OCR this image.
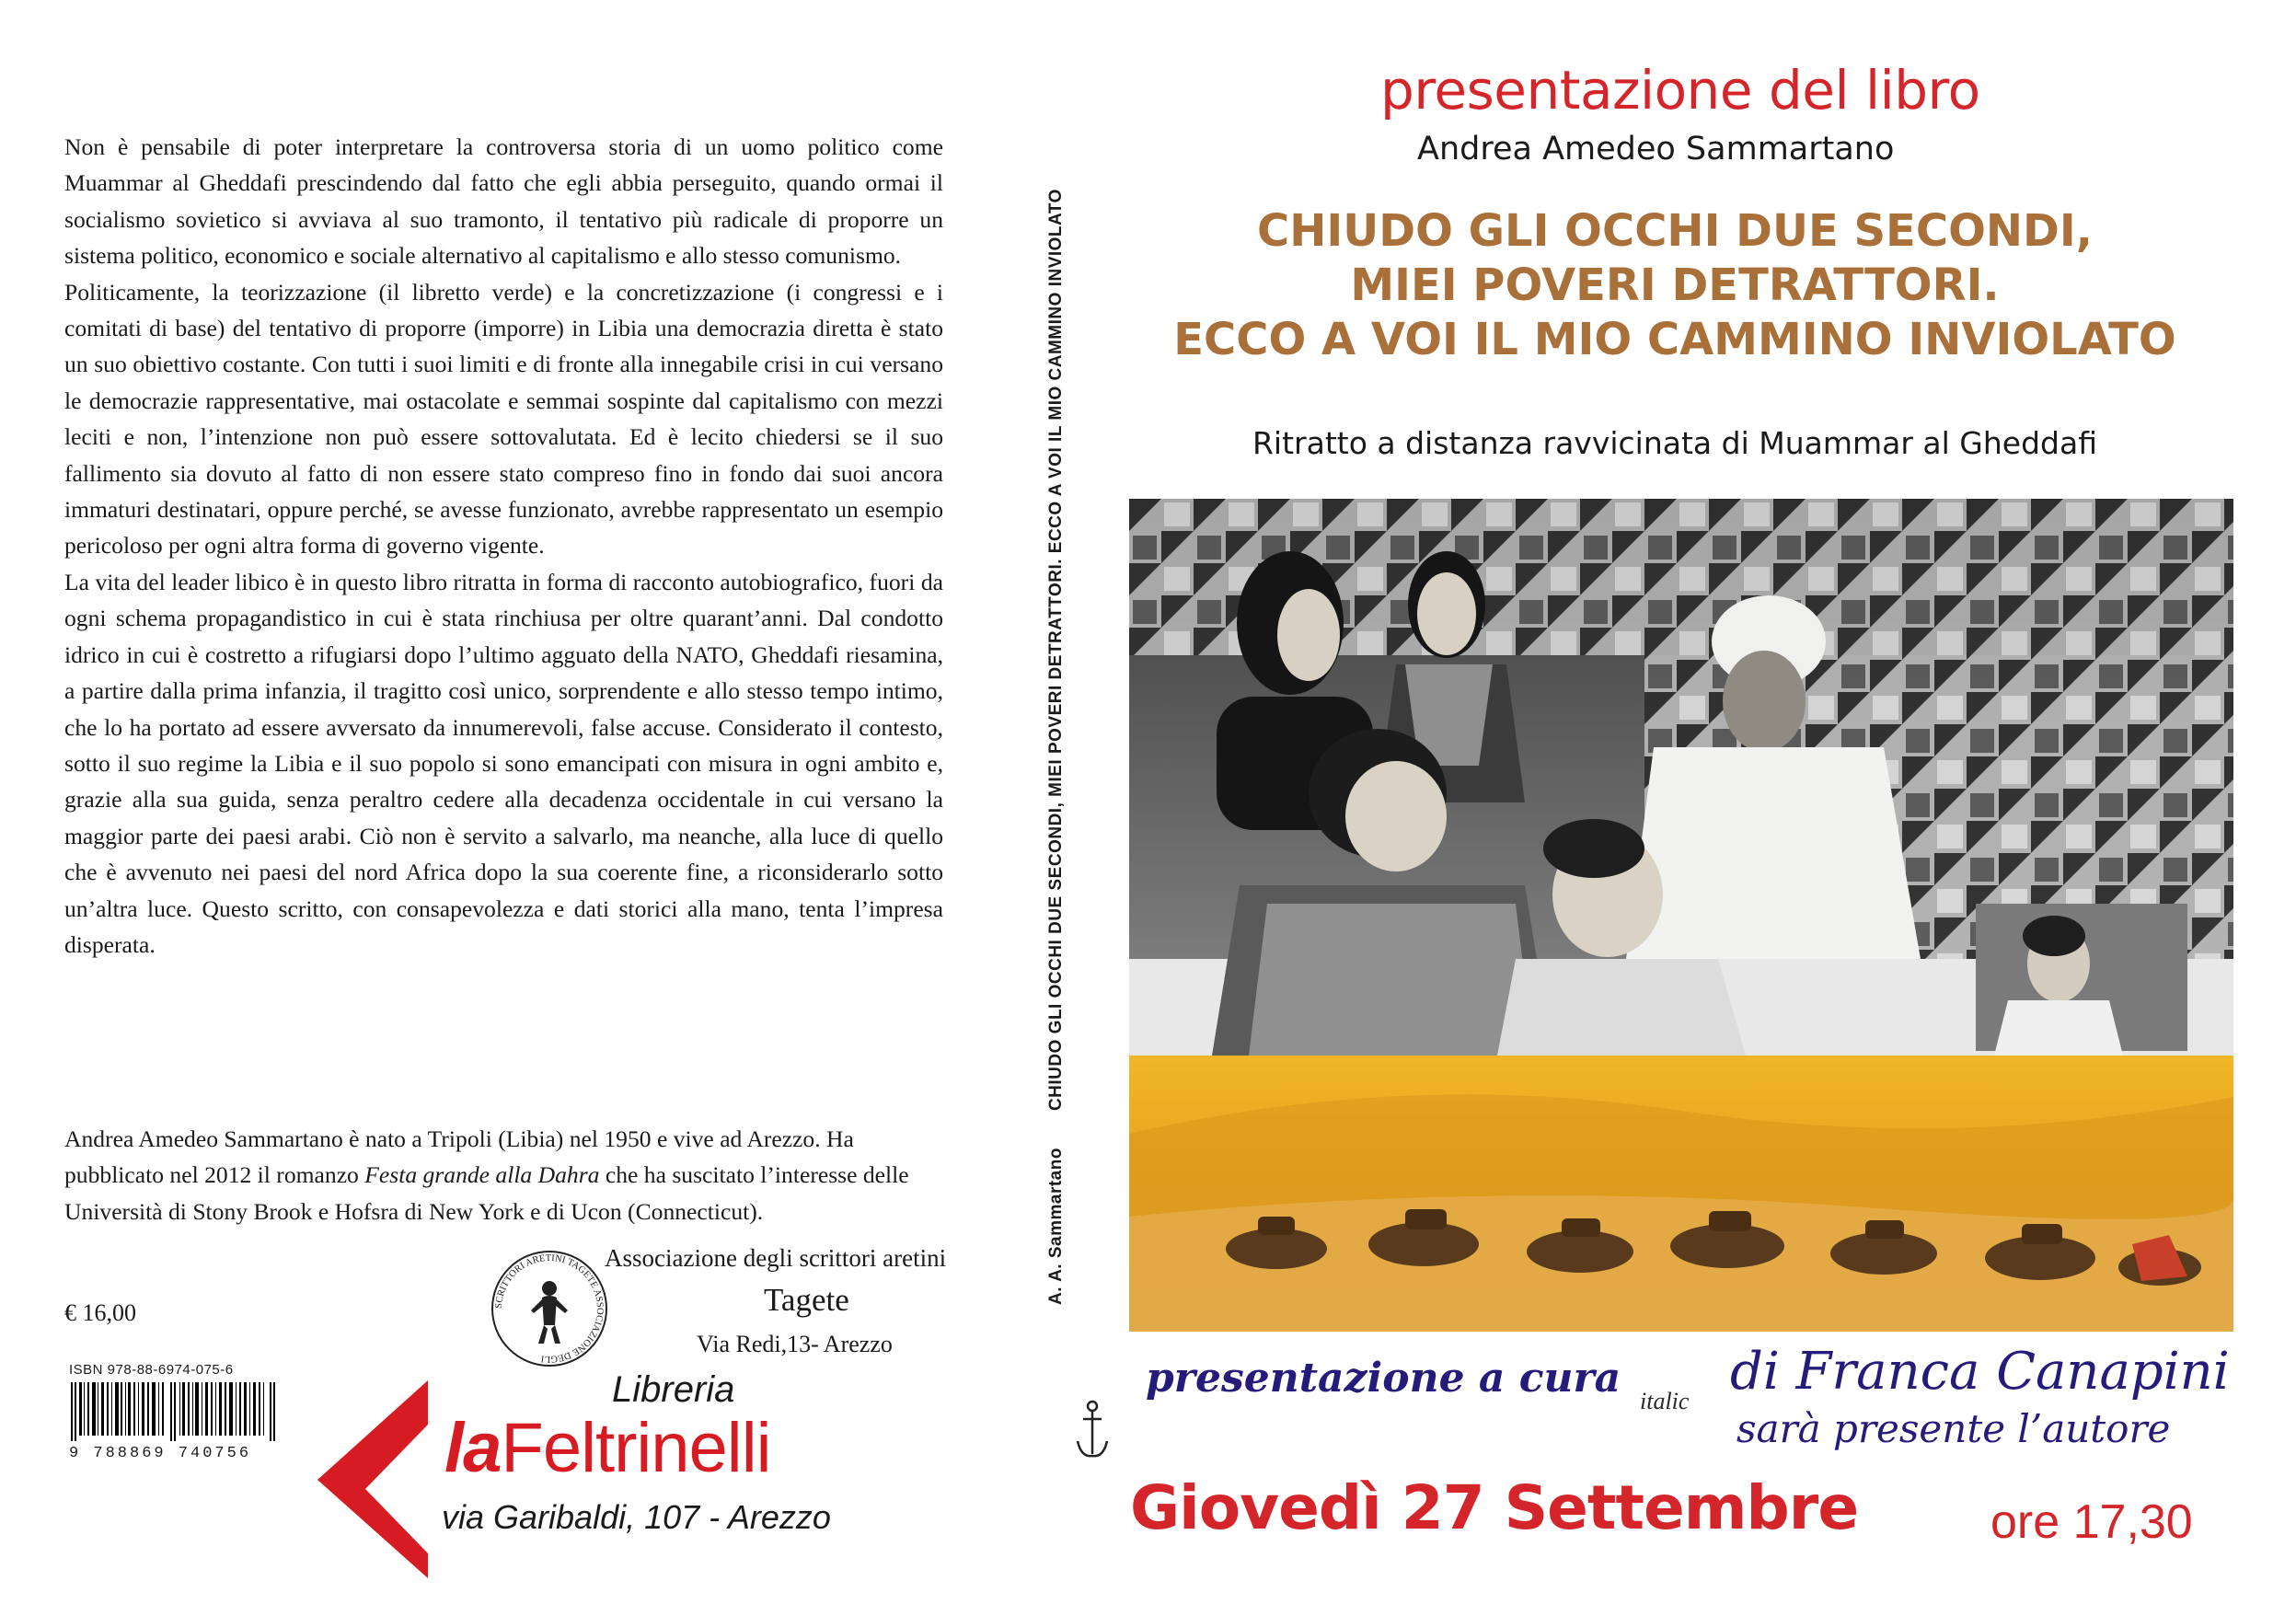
Non è pensabile di poter interpretare la controversa storia di un uomo politico come Muammar al Gheddafi prescindendo dal fatto che egli abbia perseguito, quando ormai il socialismo sovietico si avviava al suo tramonto, il tentativo più radicale di proporre un sistema politico, economico e sociale alternativo al capitalismo e allo stesso comunismo.

Politicamente, la teorizzazione (il libretto verde) e la concretizzazione (i congressi e i comitati di base) del tentativo di proporre (imporre) in Libia una democrazia diretta è stato un suo obiettivo costante. Con tutti i suoi limiti e di fronte alla innegabile crisi in cui versano le democrazie rappresentative, mai ostacolate e semmai sospinte dal capitalismo con mezzi leciti e non, l’intenzione non può essere sottovalutata. Ed è lecito chiedersi se il suo fallimento sia dovuto al fatto di non essere stato compreso fino in fondo dai suoi ancora immaturi destinatari, oppure perché, se avesse funzionato, avrebbe rappresentato un esempio pericoloso per ogni altra forma di governo vigente.

La vita del leader libico è in questo libro ritratta in forma di racconto autobiografico, fuori da ogni schema propagandistico in cui è stata rinchiusa per oltre quarant’anni. Dal condotto idrico in cui è costretto a rifugiarsi dopo l’ultimo agguato della NATO, Gheddafi riesamina, a partire dalla prima infanzia, il tragitto così unico, sorprendente e allo stesso tempo intimo, che lo ha portato ad essere avversato da innumerevoli, false accuse. Considerato il contesto, sotto il suo regime la Libia e il suo popolo si sono emancipati con misura in ogni ambito e, grazie alla sua guida, senza peraltro cedere alla decadenza occidentale in cui versano la maggior parte dei paesi arabi. Ciò non è servito a salvarlo, ma neanche, alla luce di quello che è avvenuto nei paesi del nord Africa dopo la sua coerente fine, a riconsiderarlo sotto un’altra luce. Questo scritto, con consapevolezza e dati storici alla mano, tenta l’impresa disperata.

Andrea Amedeo Sammartano è nato a Tripoli (Libia) nel 1950 e vive ad Arezzo. Ha pubblicato nel 2012 il romanzo Festa grande alla Dahra che ha suscitato l’interesse delle Università di Stony Brook e Hofsra di New York e di Ucon (Connecticut).
€ 16,00
ISBN 978-88-6974-075-6
9 788869 740756
SCRITTORI ARETINI TAGETE ASSOCIAZIONE DEGLI
Associazione degli scrittori aretini
Tagete
Via Redi,13- Arezzo
Libreria
laFeltrinelli
via Garibaldi, 107 - Arezzo
A. A. SammartanoCHIUDO GLI OCCHI DUE SECONDI, MIEI POVERI DETRATTORI. ECCO A VOI IL MIO CAMMINO INVIOLATO
presentazione del libro
Andrea Amedeo Sammartano
CHIUDO GLI OCCHI DUE SECONDI,
MIEI POVERI DETRATTORI.
ECCO A VOI IL MIO CAMMINO INVIOLATO
Ritratto a distanza ravvicinata di Muammar al Gheddafi
presentazione a cura italic di Franca Canapini
sarà presente l’autore
Giovedì 27 Settembre	ore 17,30
